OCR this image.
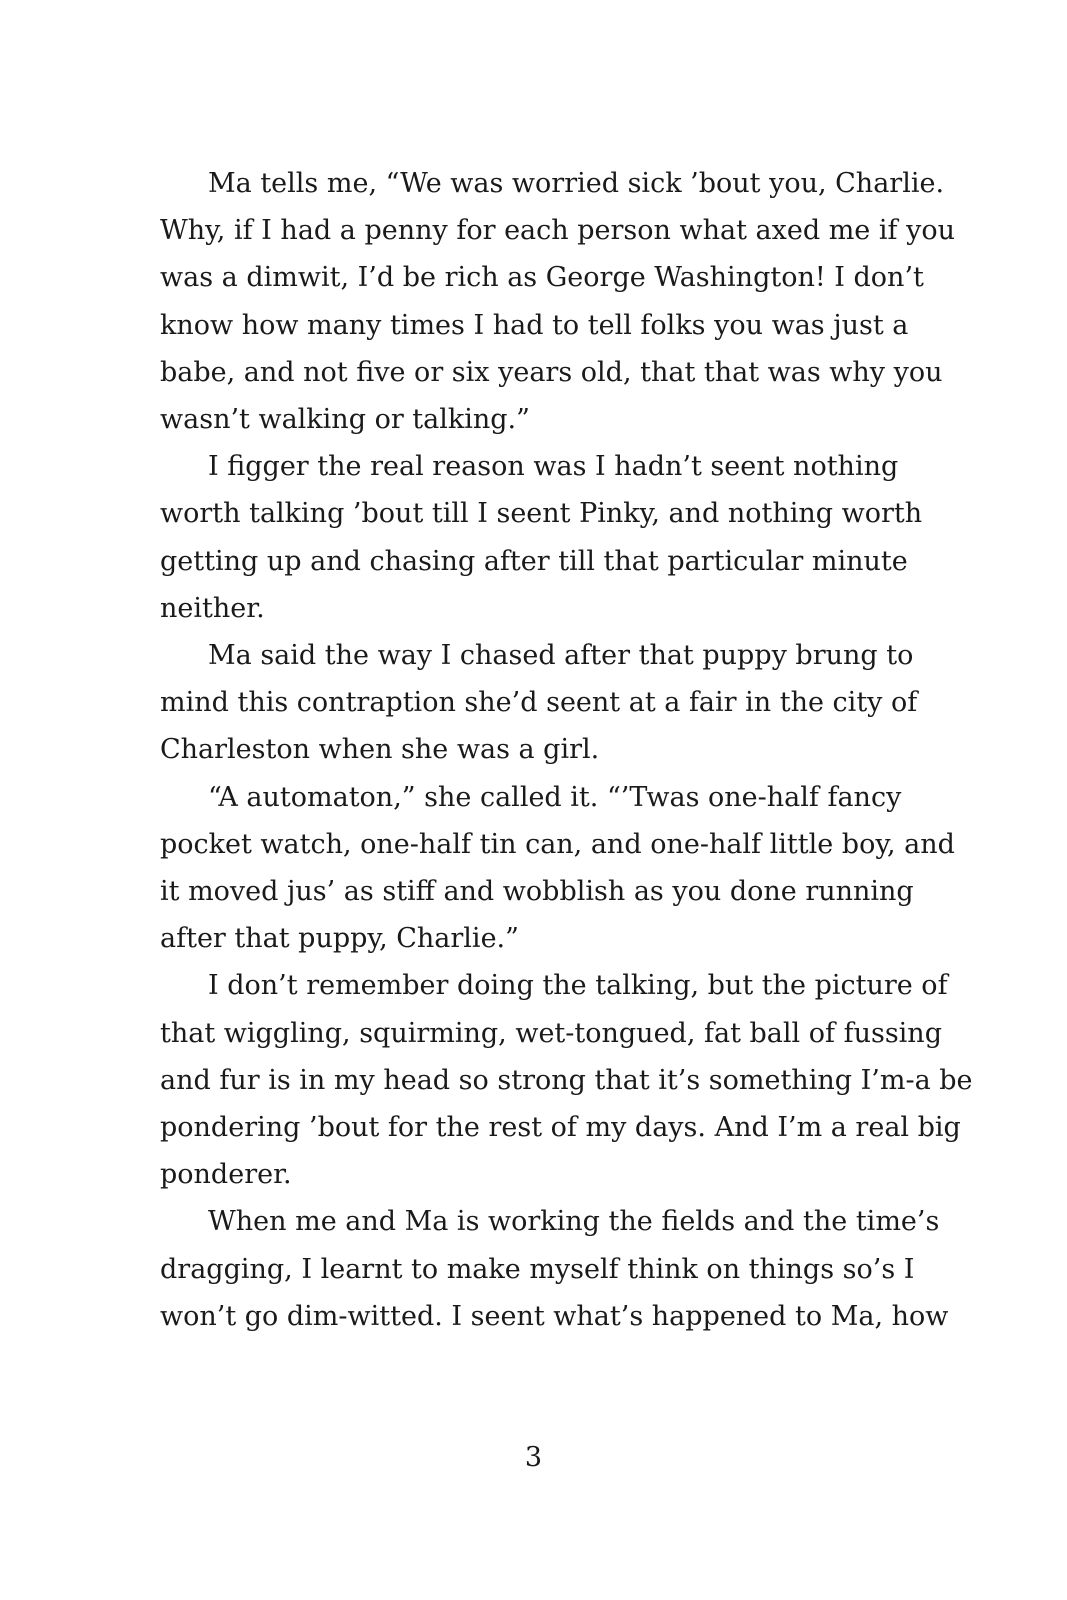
Ma tells me, “We was worried sick ’bout you, Charlie.
Why, if I had a penny for each person what axed me if you
was a dimwit, I’d be rich as George Washington! I don’t
know how many times I had to tell folks you was just a
babe, and not five or six years old, that that was why you
wasn’t walking or talking.”

I figger the real reason was I hadn’t seent nothing
worth talking ’bout till I seent Pinky, and nothing worth
getting up and chasing after till that particular minute
neither.

Ma said the way I chased after that puppy brung to
mind this contraption she’d seent at a fair in the city of
Charleston when she was a girl.

“A automaton,” she called it. “’Twas one-half fancy
pocket watch, one-half tin can, and one-half little boy, and
it moved jus’ as stiff and wobblish as you done running
after that puppy, Charlie.”

I don’t remember doing the talking, but the picture of
that wiggling, squirming, wet-tongued, fat ball of fussing
and fur is in my head so strong that it’s something I’m-a be
pondering ’bout for the rest of my days. And I’m a real big
ponderer.

When me and Ma is working the fields and the time’s
dragging, I learnt to make myself think on things so’s I
won’t go dim-witted. I seent what’s happened to Ma, how

3
